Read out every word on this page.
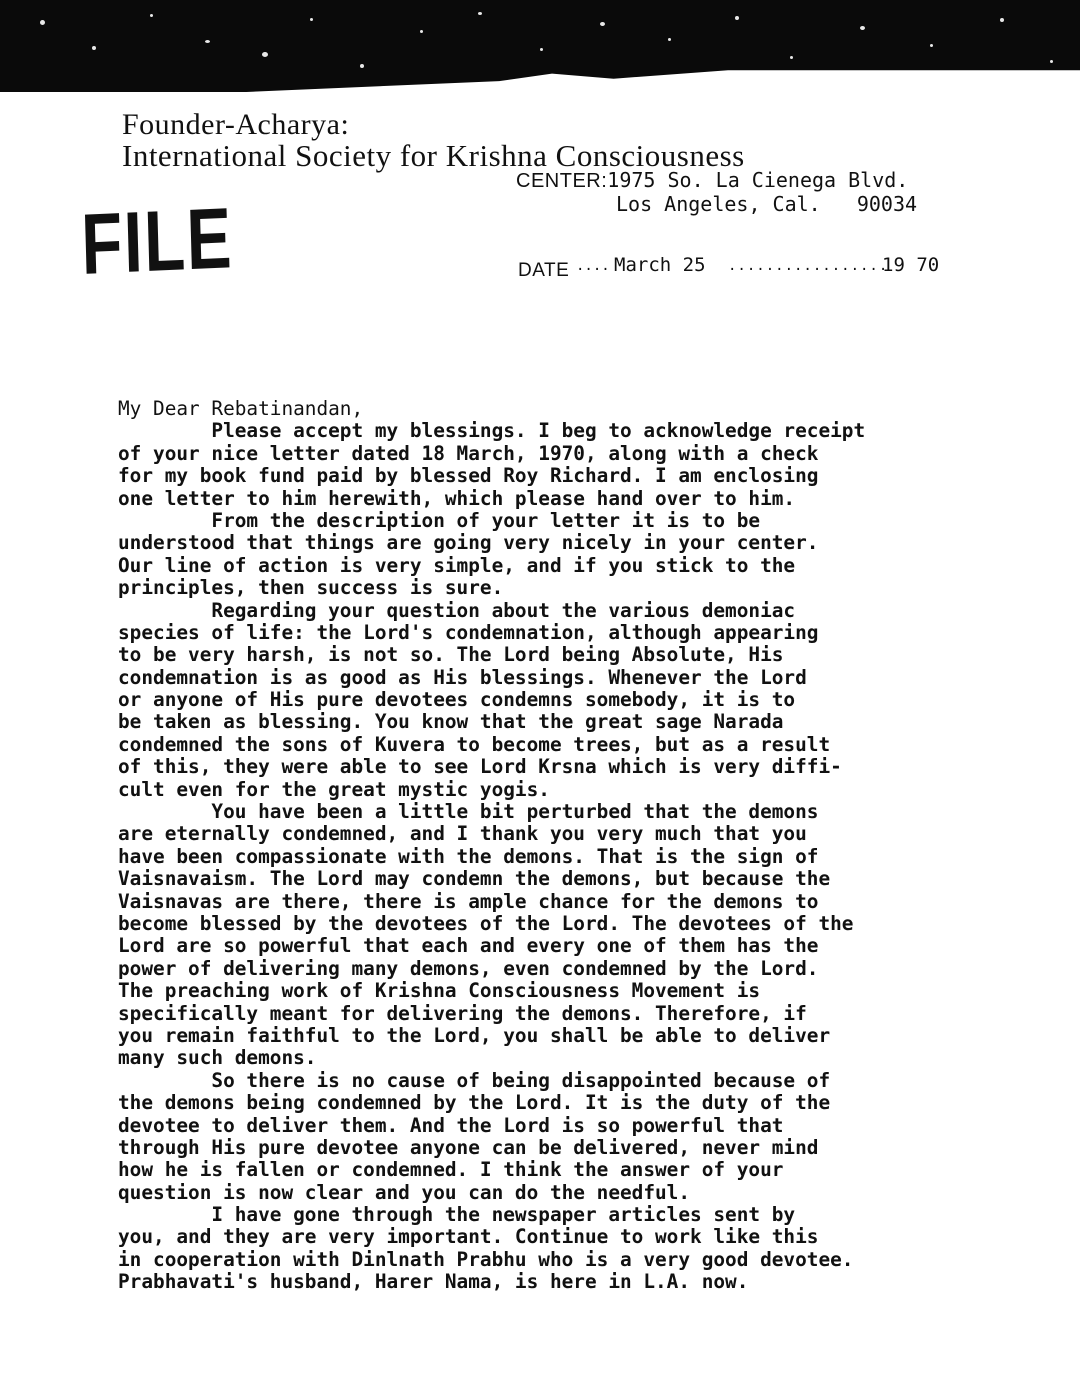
Founder-Acharya:
International Society for Krishna Consciousness
CENTER:1975 So. La Cienega Blvd.
Los Angeles, Cal.   90034
FILE	DATE .... March 25 .................
19 70
My Dear Rebatinandan,
Please accept my blessings. I beg to acknowledge receipt
of your nice letter dated 18 March, 1970, along with a check
for my book fund paid by blessed Roy Richard. I am enclosing
one letter to him herewith, which please hand over to him.
From the description of your letter it is to be
understood that things are going very nicely in your center.
Our line of action is very simple, and if you stick to the
principles, then success is sure.
Regarding your question about the various demoniac
species of life: the Lord's condemnation, although appearing
to be very harsh, is not so. The Lord being Absolute, His
condemnation is as good as His blessings. Whenever the Lord
or anyone of His pure devotees condemns somebody, it is to
be taken as blessing. You know that the great sage Narada
condemned the sons of Kuvera to become trees, but as a result
of this, they were able to see Lord Krsna which is very diffi-
cult even for the great mystic yogis.
You have been a little bit perturbed that the demons
are eternally condemned, and I thank you very much that you
have been compassionate with the demons. That is the sign of
Vaisnavaism. The Lord may condemn the demons, but because the
Vaisnavas are there, there is ample chance for the demons to
become blessed by the devotees of the Lord. The devotees of the
Lord are so powerful that each and every one of them has the
power of delivering many demons, even condemned by the Lord.
The preaching work of Krishna Consciousness Movement is
specifically meant for delivering the demons. Therefore, if
you remain faithful to the Lord, you shall be able to deliver
many such demons.
So there is no cause of being disappointed because of
the demons being condemned by the Lord. It is the duty of the
devotee to deliver them. And the Lord is so powerful that
through His pure devotee anyone can be delivered, never mind
how he is fallen or condemned. I think the answer of your
question is now clear and you can do the needful.
I have gone through the newspaper articles sent by
you, and they are very important. Continue to work like this
in cooperation with Dinlnath Prabhu who is a very good devotee.
Prabhavati's husband, Harer Nama, is here in L.A. now.
